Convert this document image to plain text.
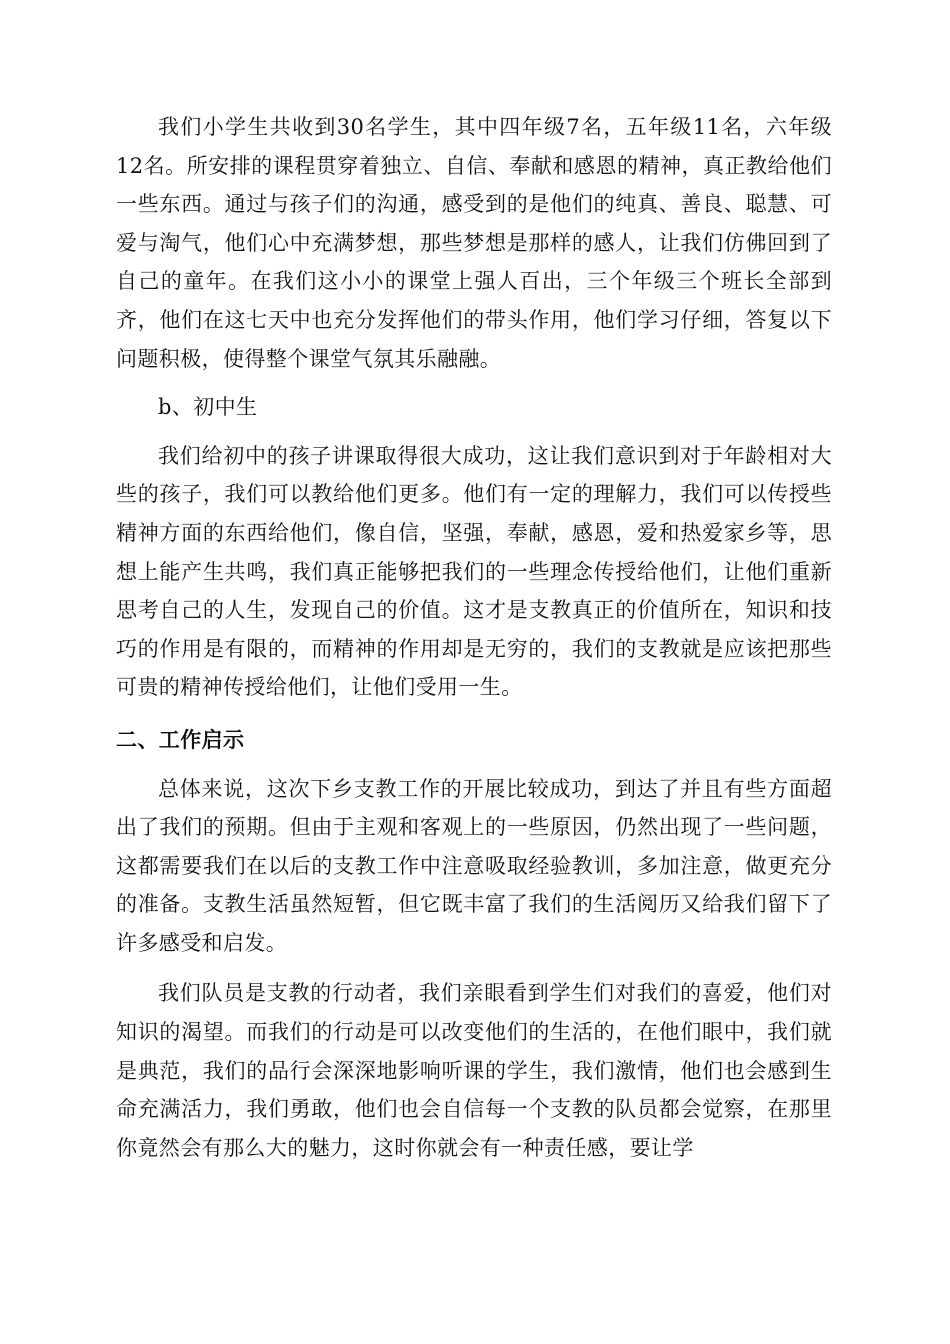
我们小学生共收到30名学生，其中四年级7名，五年级11名，六年级12名。所安排的课程贯穿着独立、自信、奉献和感恩的精神，真正教给他们一些东西。通过与孩子们的沟通，感受到的是他们的纯真、善良、聪慧、可爱与淘气，他们心中充满梦想，那些梦想是那样的感人，让我们仿佛回到了自己的童年。在我们这小小的课堂上强人百出，三个年级三个班长全部到齐，他们在这七天中也充分发挥他们的带头作用，他们学习仔细，答复以下问题积极，使得整个课堂气氛其乐融融。

b、初中生

我们给初中的孩子讲课取得很大成功，这让我们意识到对于年龄相对大些的孩子，我们可以教给他们更多。他们有一定的理解力，我们可以传授些精神方面的东西给他们，像自信，坚强，奉献，感恩，爱和热爱家乡等，思想上能产生共鸣，我们真正能够把我们的一些理念传授给他们，让他们重新思考自己的人生，发现自己的价值。这才是支教真正的价值所在，知识和技巧的作用是有限的，而精神的作用却是无穷的，我们的支教就是应该把那些可贵的精神传授给他们，让他们受用一生。

二、工作启示

总体来说，这次下乡支教工作的开展比较成功，到达了并且有些方面超出了我们的预期。但由于主观和客观上的一些原因，仍然出现了一些问题，这都需要我们在以后的支教工作中注意吸取经验教训，多加注意，做更充分的准备。支教生活虽然短暂，但它既丰富了我们的生活阅历又给我们留下了许多感受和启发。

我们队员是支教的行动者，我们亲眼看到学生们对我们的喜爱，他们对知识的渴望。而我们的行动是可以改变他们的生活的，在他们眼中，我们就是典范，我们的品行会深深地影响听课的学生，我们激情，他们也会感到生命充满活力，我们勇敢，他们也会自信每一个支教的队员都会觉察，在那里你竟然会有那么大的魅力，这时你就会有一种责任感，要让学
